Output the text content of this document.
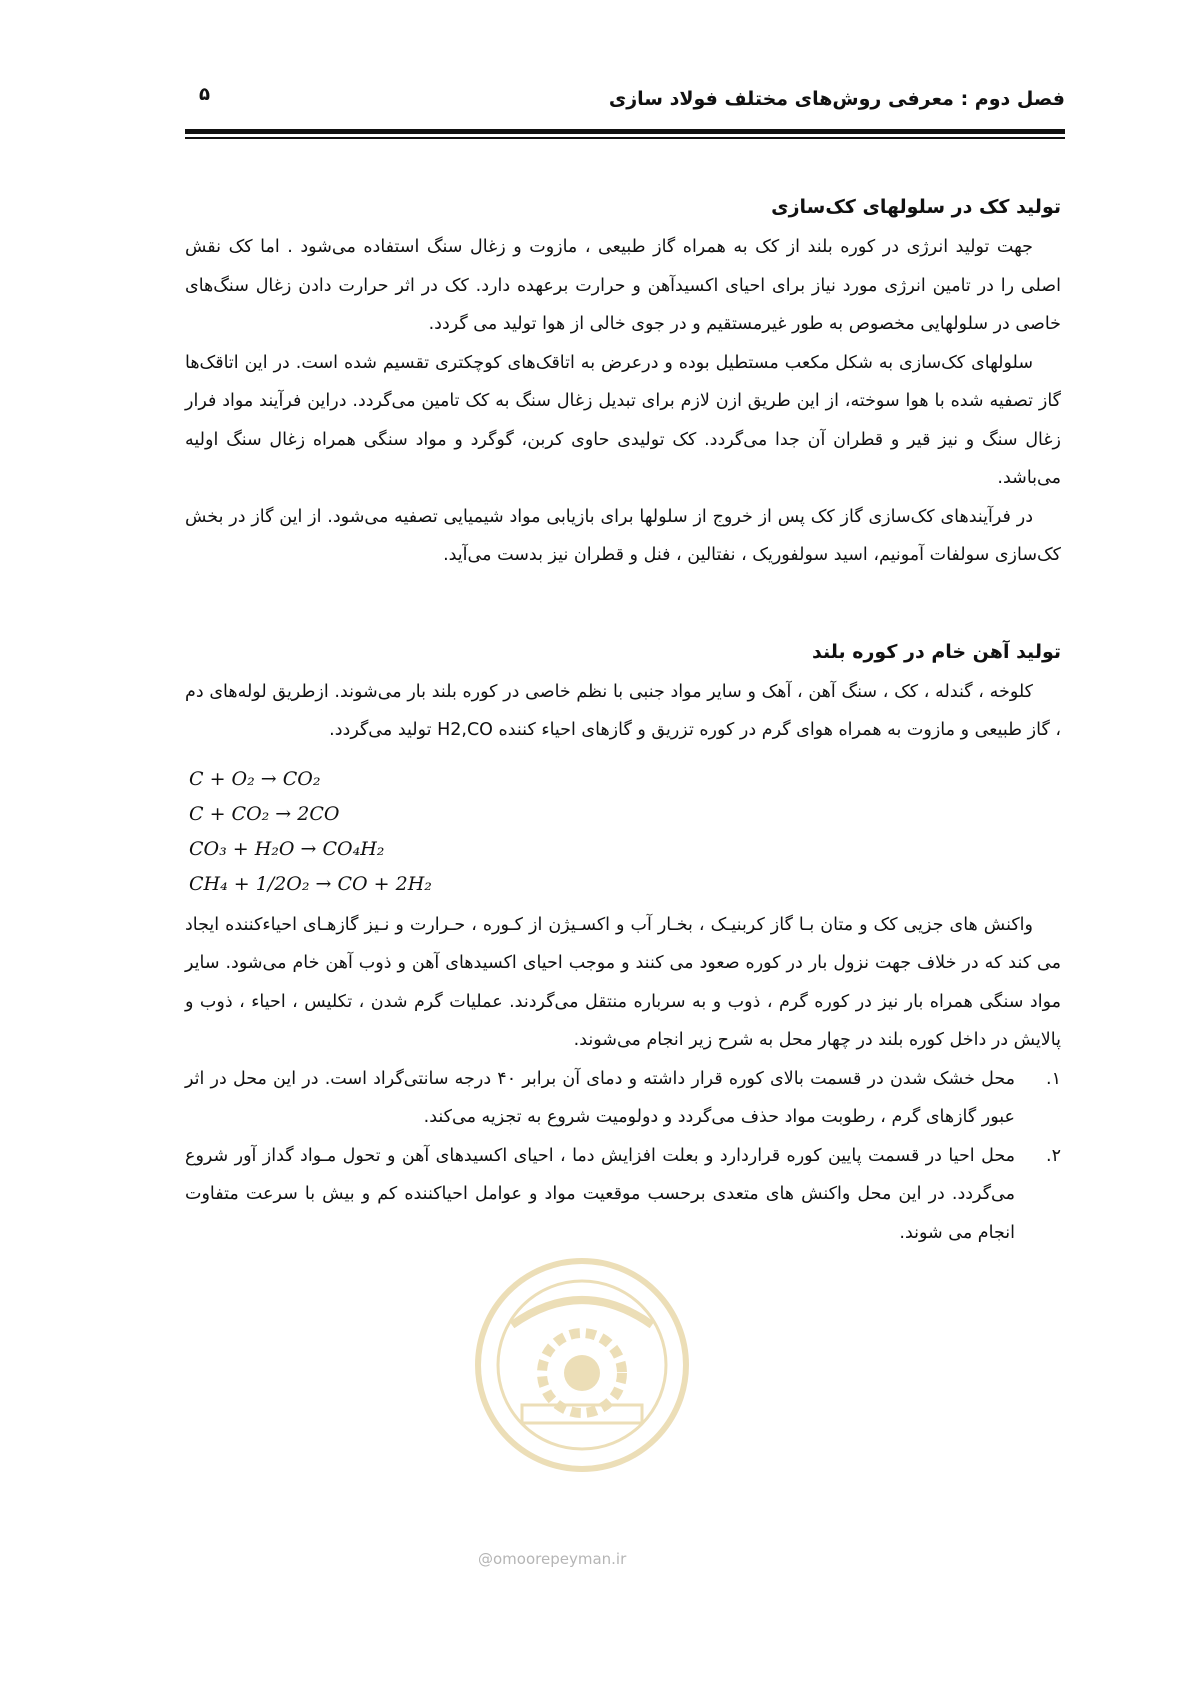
فصل دوم : معرفی روش‌های مختلف فولاد سازی
۵
تولید کک در سلولهای کک‌سازی

جهت تولید انرژی در کوره بلند از کک به همراه گاز طبیعی ، مازوت و زغال سنگ استفاده می‌شود . اما کک نقش اصلی را در تامین انرژی مورد نیاز برای احیای اکسیدآهن و حرارت برعهده دارد. کک در اثر حرارت دادن زغال سنگ‌های خاصی در سلولهایی مخصوص به طور غیرمستقیم و در جوی خالی از هوا تولید می گردد.

سلولهای کک‌سازی به شکل مکعب مستطیل بوده و درعرض به اتاقک‌های کوچکتری تقسیم شده است. در این اتاقک‌ها گاز تصفیه شده با هوا سوخته، از این طریق ازن لازم برای تبدیل زغال سنگ به کک تامین می‌گردد. دراین فرآیند مواد فرار زغال سنگ و نیز قیر و قطران آن جدا می‌گردد. کک تولیدی حاوی کربن، گوگرد و مواد سنگی همراه زغال سنگ اولیه می‌باشد.

در فرآیندهای کک‌سازی گاز کک پس از خروج از سلولها برای بازیابی مواد شیمیایی تصفیه می‌شود. از این گاز در بخش کک‌سازی سولفات آمونیم، اسید سولفوریک ، نفتالین ، فنل و قطران نیز بدست می‌آید.

تولید آهن خام در کوره بلند

کلوخه ، گندله ، کک ، سنگ آهن ، آهک و سایر مواد جنبی با نظم خاصی در کوره بلند بار می‌شوند. ازطریق لوله‌های دم ، گاز طبیعی و مازوت به همراه هوای گرم در کوره تزریق و گازهای احیاء کننده H2,CO تولید می‌گردد.

C + O₂ → CO₂
C + CO₂ → 2CO
CO₃ + H₂O → CO₄H₂
CH₄ + 1/2O₂ → CO + 2H₂

واکنش های جزیی کک و متان بـا گاز کربنیـک ، بخـار آب و اکسـیژن از کـوره ، حـرارت و نـیز گازهـای احیاءکننده ایجاد می کند که در خلاف جهت نزول بار در کوره صعود می کنند و موجب احیای اکسیدهای آهن و ذوب آهن خام می‌شود. سایر مواد سنگی همراه بار نیز در کوره گرم ، ذوب و به سرباره منتقل می‌گردند. عملیات گرم شدن ، تکلیس ، احیاء ، ذوب و پالایش در داخل کوره بلند در چهار محل به شرح زیر انجام می‌شوند.

۱.
محل خشک شدن در قسمت بالای کوره قرار داشته و دمای آن برابر ۴۰ درجه سانتی‌گراد است. در این محل در اثر عبور گازهای گرم ، رطوبت مواد حذف می‌گردد و دولومیت شروع به تجزیه می‌کند.
۲.
محل احیا در قسمت پایین کوره قراردارد و بعلت افزایش دما ، احیای اکسیدهای آهن و تحول مـواد گداز آور شروع می‌گردد. در این محل واکنش های متعدی برحسب موقعیت مواد و عوامل احیاکننده کم و بیش با سرعت متفاوت انجام می شوند.
@omoorepeyman.ir
